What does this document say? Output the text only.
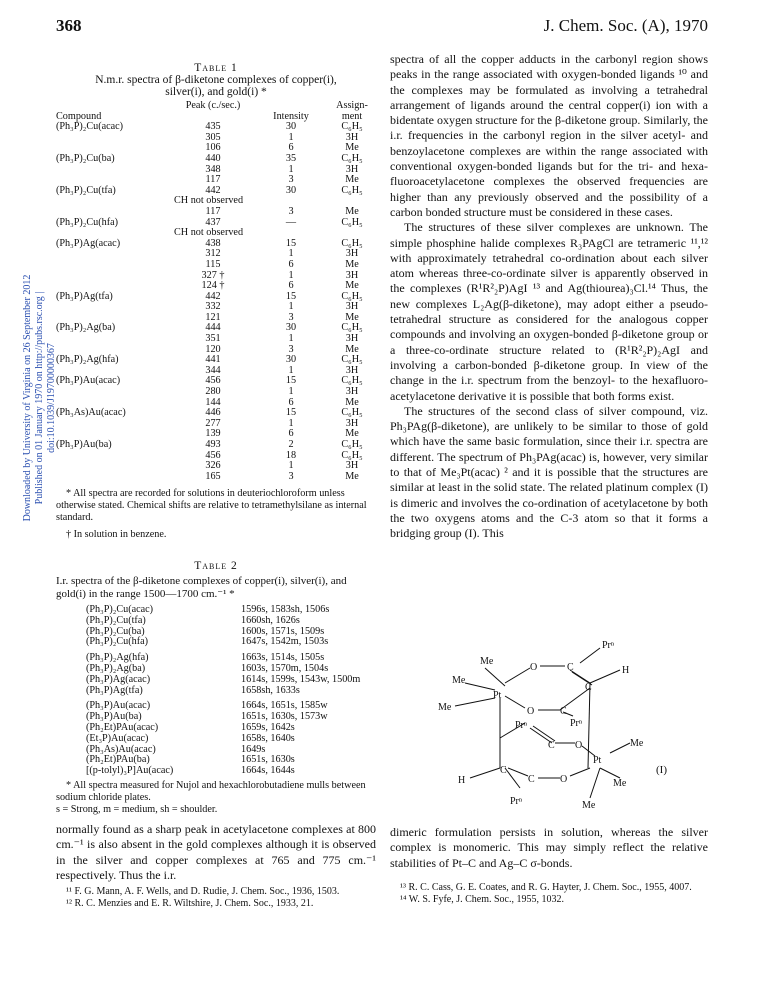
368	J. Chem. Soc. (A), 1970
Downloaded by University of Virginia on 26 September 2012 Published on 01 January 1970 on http://pubs.rsc.org | doi:10.1039/J19700000367
Table 1
N.m.r. spectra of β-diketone complexes of copper(i),
silver(i), and gold(i) *
Compound	Peak (c./sec.)	Intensity	Assign- ment
(Ph₃P)₂Cu(acac)	435	30	C₆H₅
	305	1	3H
	106	6	Me
(Ph₃P)₂Cu(ba)	440	35	C₆H₅
	348	1	3H
	117	3	Me
(Ph₃P)₂Cu(tfa)	442	30	C₆H₅
	CH not observed		
	117	3	Me
(Ph₃P)₂Cu(hfa)	437	—	C₆H₅
	CH not observed		
(Ph₃P)Ag(acac)	438	15	C₆H₅
	312	1	3H
	115	6	Me
	327 †	1	3H
	124 †	6	Me
(Ph₃P)Ag(tfa)	442	15	C₆H₅
	332	1	3H
	121	3	Me
(Ph₃P)₂Ag(ba)	444	30	C₆H₅
	351	1	3H
	120	3	Me
(Ph₃P)₂Ag(hfa)	441	30	C₆H₅
	344	1	3H
(Ph₃P)Au(acac)	456	15	C₆H₅
	280	1	3H
	144	6	Me
(Ph₃As)Au(acac)	446	15	C₆H₅
	277	1	3H
	139	6	Me
(Ph₃P)Au(ba)	493	2	C₆H₅
	456	18	C₆H₅
	326	1	3H
	165	3	Me
* All spectra are recorded for solutions in deuteriochloroform unless otherwise stated. Chemical shifts are relative to tetramethylsilane as internal standard.
† In solution in benzene.
Table 2
I.r. spectra of the β-diketone complexes of copper(i), silver(i), and gold(i) in the range 1500—1700 cm.⁻¹ *
(Ph₃P)₂Cu(acac)	1596s, 1583sh, 1506s
(Ph₃P)₂Cu(tfa)	1660sh, 1626s
(Ph₃P)₂Cu(ba)	1600s, 1571s, 1509s
(Ph₃P)₂Cu(hfa)	1647s, 1542m, 1503s
(Ph₃P)₂Ag(hfa)	1663s, 1514s, 1505s
(Ph₃P)₂Ag(ba)	1603s, 1570m, 1504s
(Ph₃P)Ag(acac)	1614s, 1599s, 1543w, 1500m
(Ph₃P)Ag(tfa)	1658sh, 1633s
(Ph₃P)Au(acac)	1664s, 1651s, 1585w
(Ph₃P)Au(ba)	1651s, 1630s, 1573w
(Ph₂Et)PAu(acac)	1659s, 1642s
(Et₃P)Au(acac)	1658s, 1640s
(Ph₃As)Au(acac)	1649s
(Ph₂Et)PAu(ba)	1651s, 1630s
[(p-tolyl)₃P]Au(acac)	1664s, 1644s
* All spectra measured for Nujol and hexachlorobutadiene mulls between sodium chloride plates.
s = Strong, m = medium, sh = shoulder.
normally found as a sharp peak in acetylacetone complexes at 800 cm.⁻¹ is also absent in the gold complexes although it is observed in the silver and copper complexes at 765 and 775 cm.⁻¹ respectively. Thus the i.r.
¹¹ F. G. Mann, A. F. Wells, and D. Rudie, J. Chem. Soc., 1936, 1503.
¹² R. C. Menzies and E. R. Wiltshire, J. Chem. Soc., 1933, 21.
spectra of all the copper adducts in the carbonyl region shows peaks in the range associated with oxygen-bonded ligands ¹⁰ and the complexes may be formulated as involving a tetrahedral arrangement of ligands around the central copper(i) ion with a bidentate oxygen structure for the β-diketone group. Similarly, the i.r. frequencies in the carbonyl region in the silver acetyl- and benzoylacetone complexes are within the range associated with conventional oxygen-bonded ligands but for the tri- and hexa-fluoroacetylacetone complexes the observed frequencies are higher than any previously observed and the possibility of a carbon bonded structure must be considered in these cases.
The structures of these silver complexes are unknown. The simple phosphine halide complexes R₃PAgCl are tetrameric ¹¹,¹² with approximately tetrahedral co-ordination about each silver atom whereas three-co-ordinate silver is apparently observed in the complexes (R¹R²₂P)AgI ¹³ and Ag(thiourea)₃Cl.¹⁴ Thus, the new complexes L₂Ag(β-diketone), may adopt either a pseudo-tetrahedral structure as considered for the analogous copper compounds and involving an oxygen-bonded β-diketone group or a three-co-ordinate structure related to (R¹R²₂P)₂AgI and involving a carbon-bonded β-diketone group. In view of the change in the i.r. spectrum from the benzoyl- to the hexafluoro-acetylacetone derivative it is possible that both forms exist.
The structures of the second class of silver compound, viz. Ph₃PAg(β-diketone), are unlikely to be similar to those of gold which have the same basic formulation, since their i.r. spectra are different. The spectrum of Ph₃PAg(acac) is, however, very similar to that of Me₃Pt(acac) ² and it is possible that the structures are similar at least in the solid state. The related platinum complex (I) is dimeric and involves the co-ordination of acetylacetone by both the two oxygens atoms and the C-3 atom so that it forms a bridging group (I). This
Me
Prⁿ
Me
O	C	H
Pt
Me
C
O	C
Prⁿ	Prⁿ
C O	Me
Pt
Me
(I)
C
H	C	O
Prⁿ	Me
dimeric formulation persists in solution, whereas the silver complex is monomeric. This may simply reflect the relative stabilities of Pt–C and Ag–C σ-bonds.
¹³ R. C. Cass, G. E. Coates, and R. G. Hayter, J. Chem. Soc., 1955, 4007.
¹⁴ W. S. Fyfe, J. Chem. Soc., 1955, 1032.
